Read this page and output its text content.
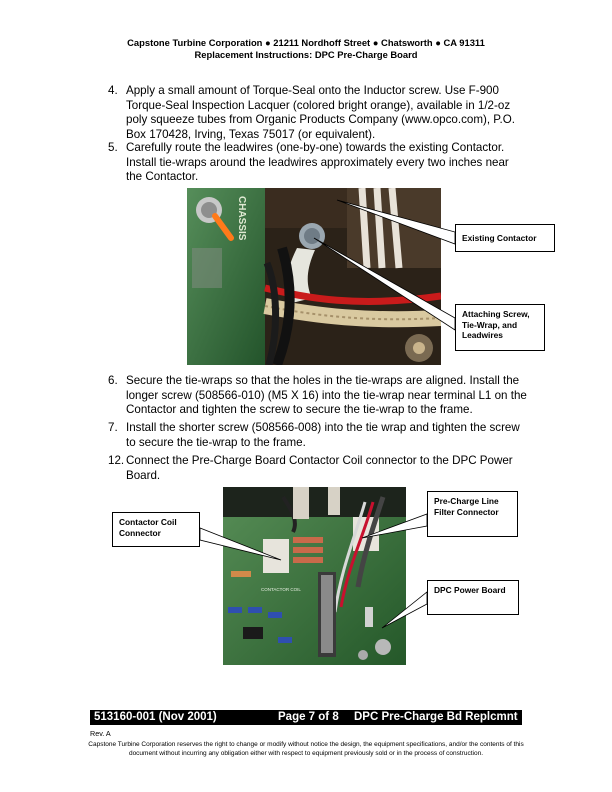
Capstone Turbine Corporation ● 21211 Nordhoff Street ● Chatsworth ● CA 91311
Replacement Instructions: DPC Pre-Charge Board
4. Apply a small amount of Torque-Seal onto the Inductor screw. Use F-900 Torque-Seal Inspection Lacquer (colored bright orange), available in 1/2-oz poly squeeze tubes from Organic Products Company (www.opco.com), P.O. Box 170428, Irving, Texas 75017 (or equivalent).
5. Carefully route the leadwires (one-by-one) towards the existing Contactor. Install tie-wraps around the leadwires approximately every two inches near the Contactor.
CHASSIS	Existing Contactor
Attaching Screw, Tie-Wrap, and Leadwires
6. Secure the tie-wraps so that the holes in the tie-wraps are aligned. Install the longer screw (508566-010) (M5 X 16) into the tie-wrap near terminal L1 on the Contactor and tighten the screw to secure the tie-wrap to the frame.
7. Install the shorter screw (508566-008) into the tie wrap and tighten the screw to secure the tie-wrap to the frame.
12. Connect the Pre-Charge Board Contactor Coil connector to the DPC Power Board.
CONTACTOR COIL
Contactor Coil Connector
Pre-Charge Line Filter Connector
DPC Power Board
513160-001 (Nov 2001)	Page 7 of 8 DPC Pre-Charge Bd Replcmnt
Rev. A
Capstone Turbine Corporation reserves the right to change or modify without notice the design, the equipment specifications, and/or the contents of this document without incurring any obligation either with respect to equipment previously sold or in the process of construction.
